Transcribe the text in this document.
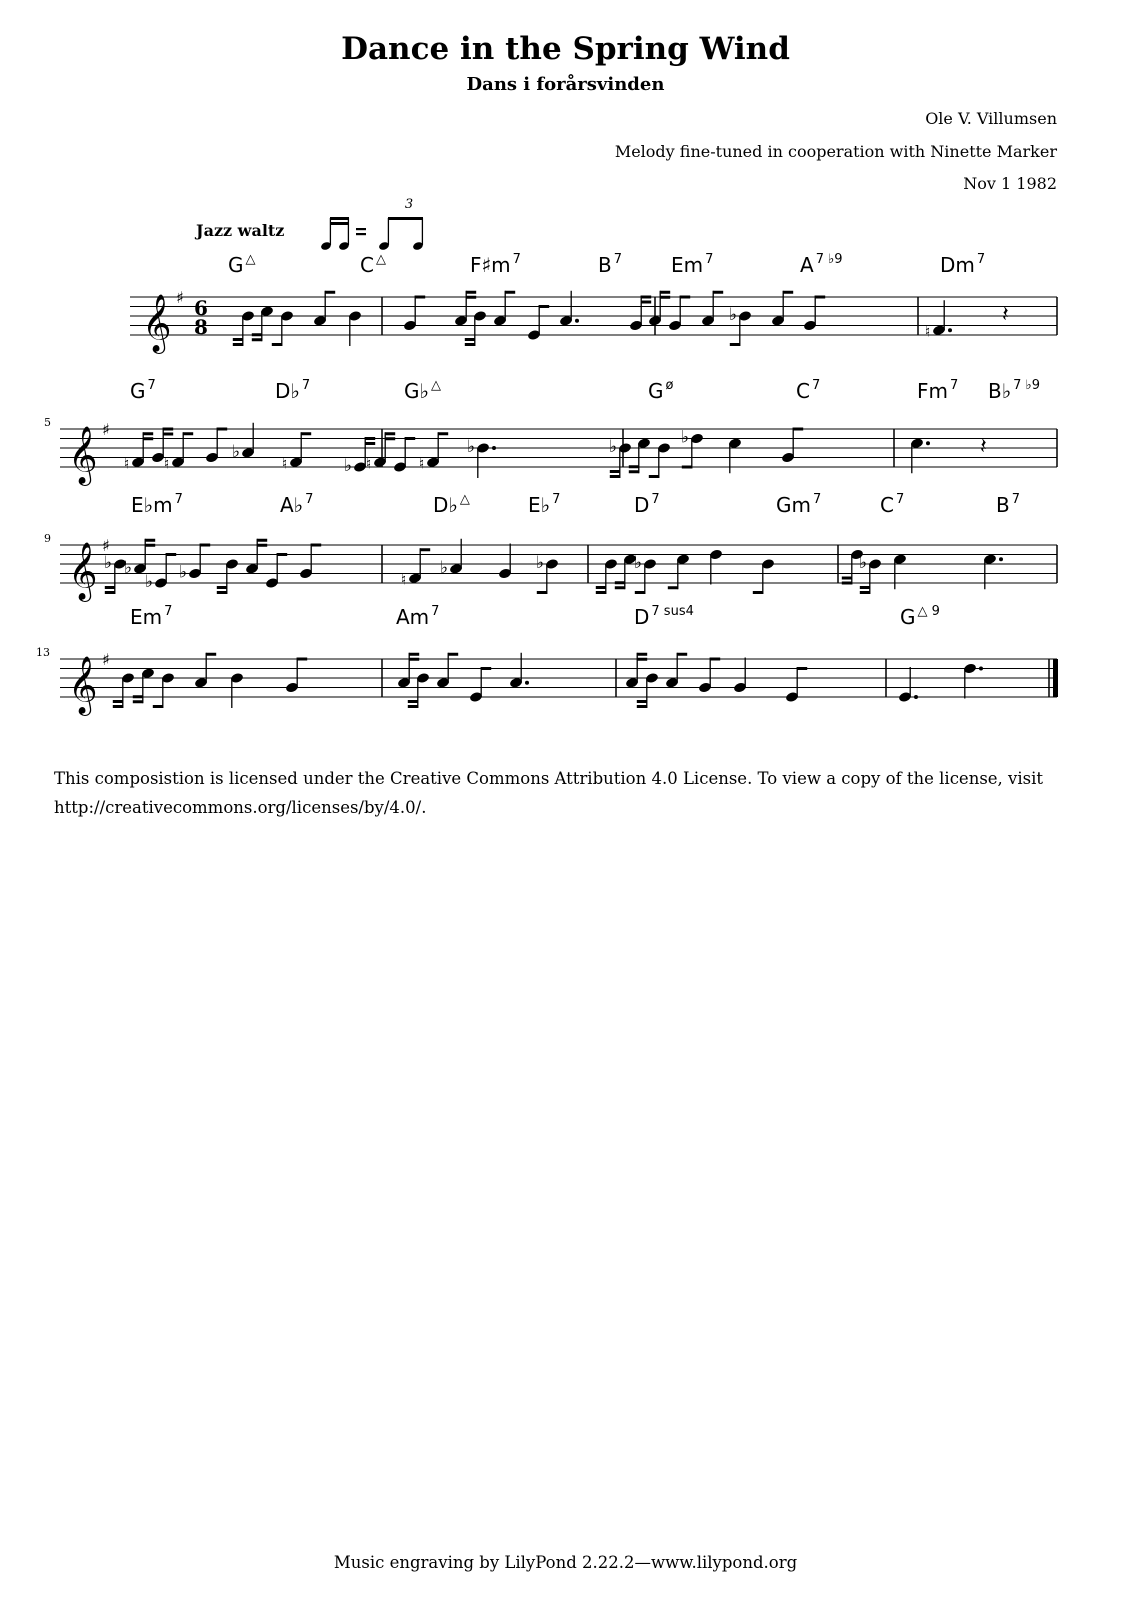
Dance in the Spring Wind
Dans i forårsvinden
Ole V. Villumsen
Melody fine-tuned in cooperation with Ninette Marker
Nov 1 1982
Jazz waltz
3
𝄞 ♯ 6
8
G △	C △	F♯m $^7$	B $^7$ Em $^7$	A $^{7 ♭9}$	Dm $^7$
♭
♮
𝄽
𝄞 ♯
5
G $^7$	D♭ $^7$	G♭ △	G $^ø$	C $^7$	Fm $^7$ B♭ $^{7 ♭9}$
♮ ♮
♭
♮	♭ ♮	♮
♭	♭	♭	𝄽
𝄞 ♯
9
E♭m $^7$	A♭ $^7$	D♭ △	E♭ $^7$	D $^7$	Gm $^7$	C $^7$	B $^7$
♭ ♭
♭ ♭	♮
♭	♭	♭	♭
𝄞 ♯
13
Em $^7$	Am $^7$	D $^{7 sus4}$	G $^{\triangle 9}$
This composistion is licensed under the Creative Commons Attribution 4.0 License. To view a copy of the license, visit http://creativecommons.org/licenses/by/4.0/.
Music engraving by LilyPond 2.22.2—www.lilypond.org
